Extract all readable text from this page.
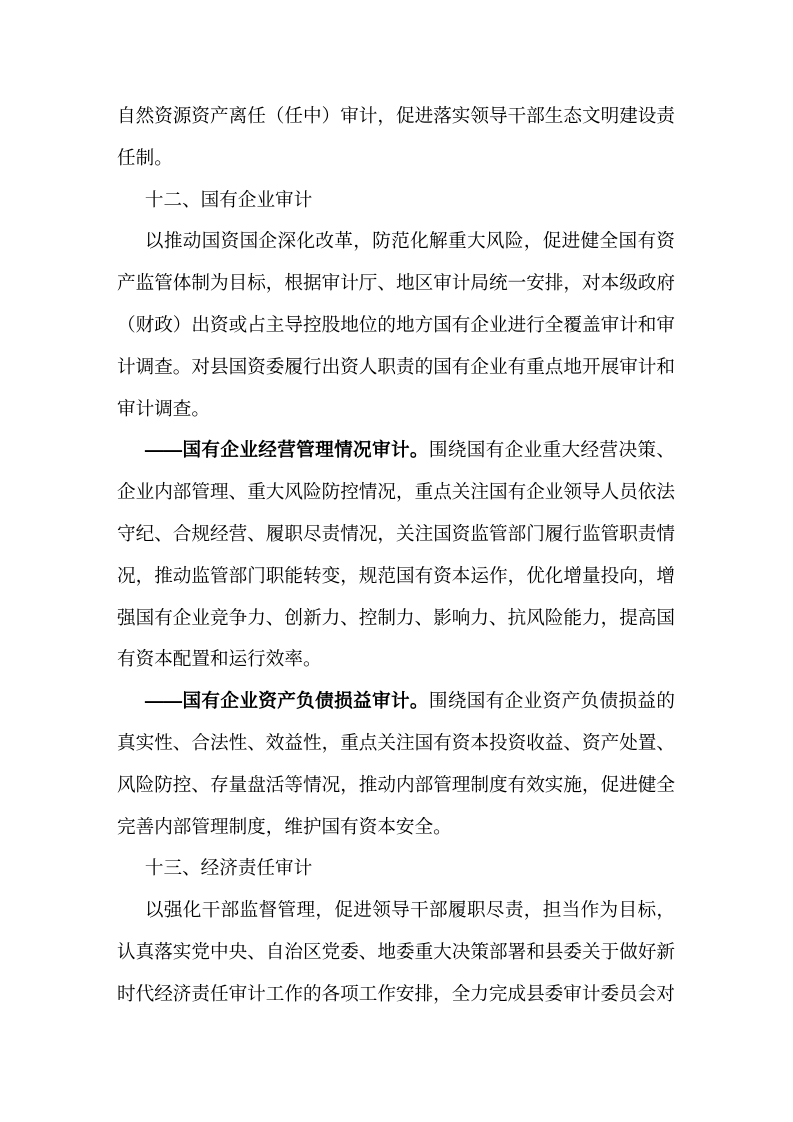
自然资源资产离任（任中）审计，促进落实领导干部生态文明建设责任制。

十二、国有企业审计

以推动国资国企深化改革，防范化解重大风险，促进健全国有资产监管体制为目标，根据审计厅、地区审计局统一安排，对本级政府（财政）出资或占主导控股地位的地方国有企业进行全覆盖审计和审计调查。对县国资委履行出资人职责的国有企业有重点地开展审计和审计调查。

——国有企业经营管理情况审计。围绕国有企业重大经营决策、企业内部管理、重大风险防控情况，重点关注国有企业领导人员依法守纪、合规经营、履职尽责情况，关注国资监管部门履行监管职责情况，推动监管部门职能转变，规范国有资本运作，优化增量投向，增强国有企业竞争力、创新力、控制力、影响力、抗风险能力，提高国有资本配置和运行效率。

——国有企业资产负债损益审计。围绕国有企业资产负债损益的真实性、合法性、效益性，重点关注国有资本投资收益、资产处置、风险防控、存量盘活等情况，推动内部管理制度有效实施，促进健全完善内部管理制度，维护国有资本安全。

十三、经济责任审计

以强化干部监督管理，促进领导干部履职尽责，担当作为目标，认真落实党中央、自治区党委、地委重大决策部署和县委关于做好新时代经济责任审计工作的各项工作安排，全力完成县委审计委员会对
